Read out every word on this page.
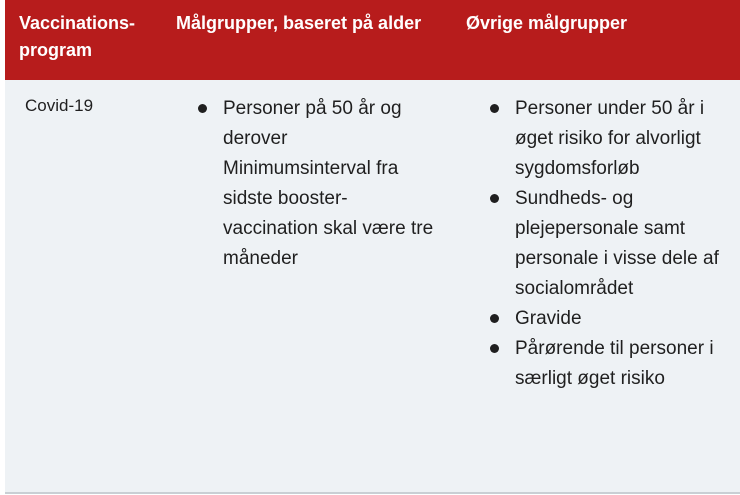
Vaccinations-
program
Målgrupper, baseret på alder Øvrige målgrupper
Covid-19	Personer på 50 år og derover Minimumsinterval fra sidste booster-vaccination skal være tre måneder
Personer under 50 år i øget risiko for alvorligt sygdomsforløb
Sundheds- og plejepersonale samt personale i visse dele af socialområdet
Gravide
Pårørende til personer i særligt øget risiko
